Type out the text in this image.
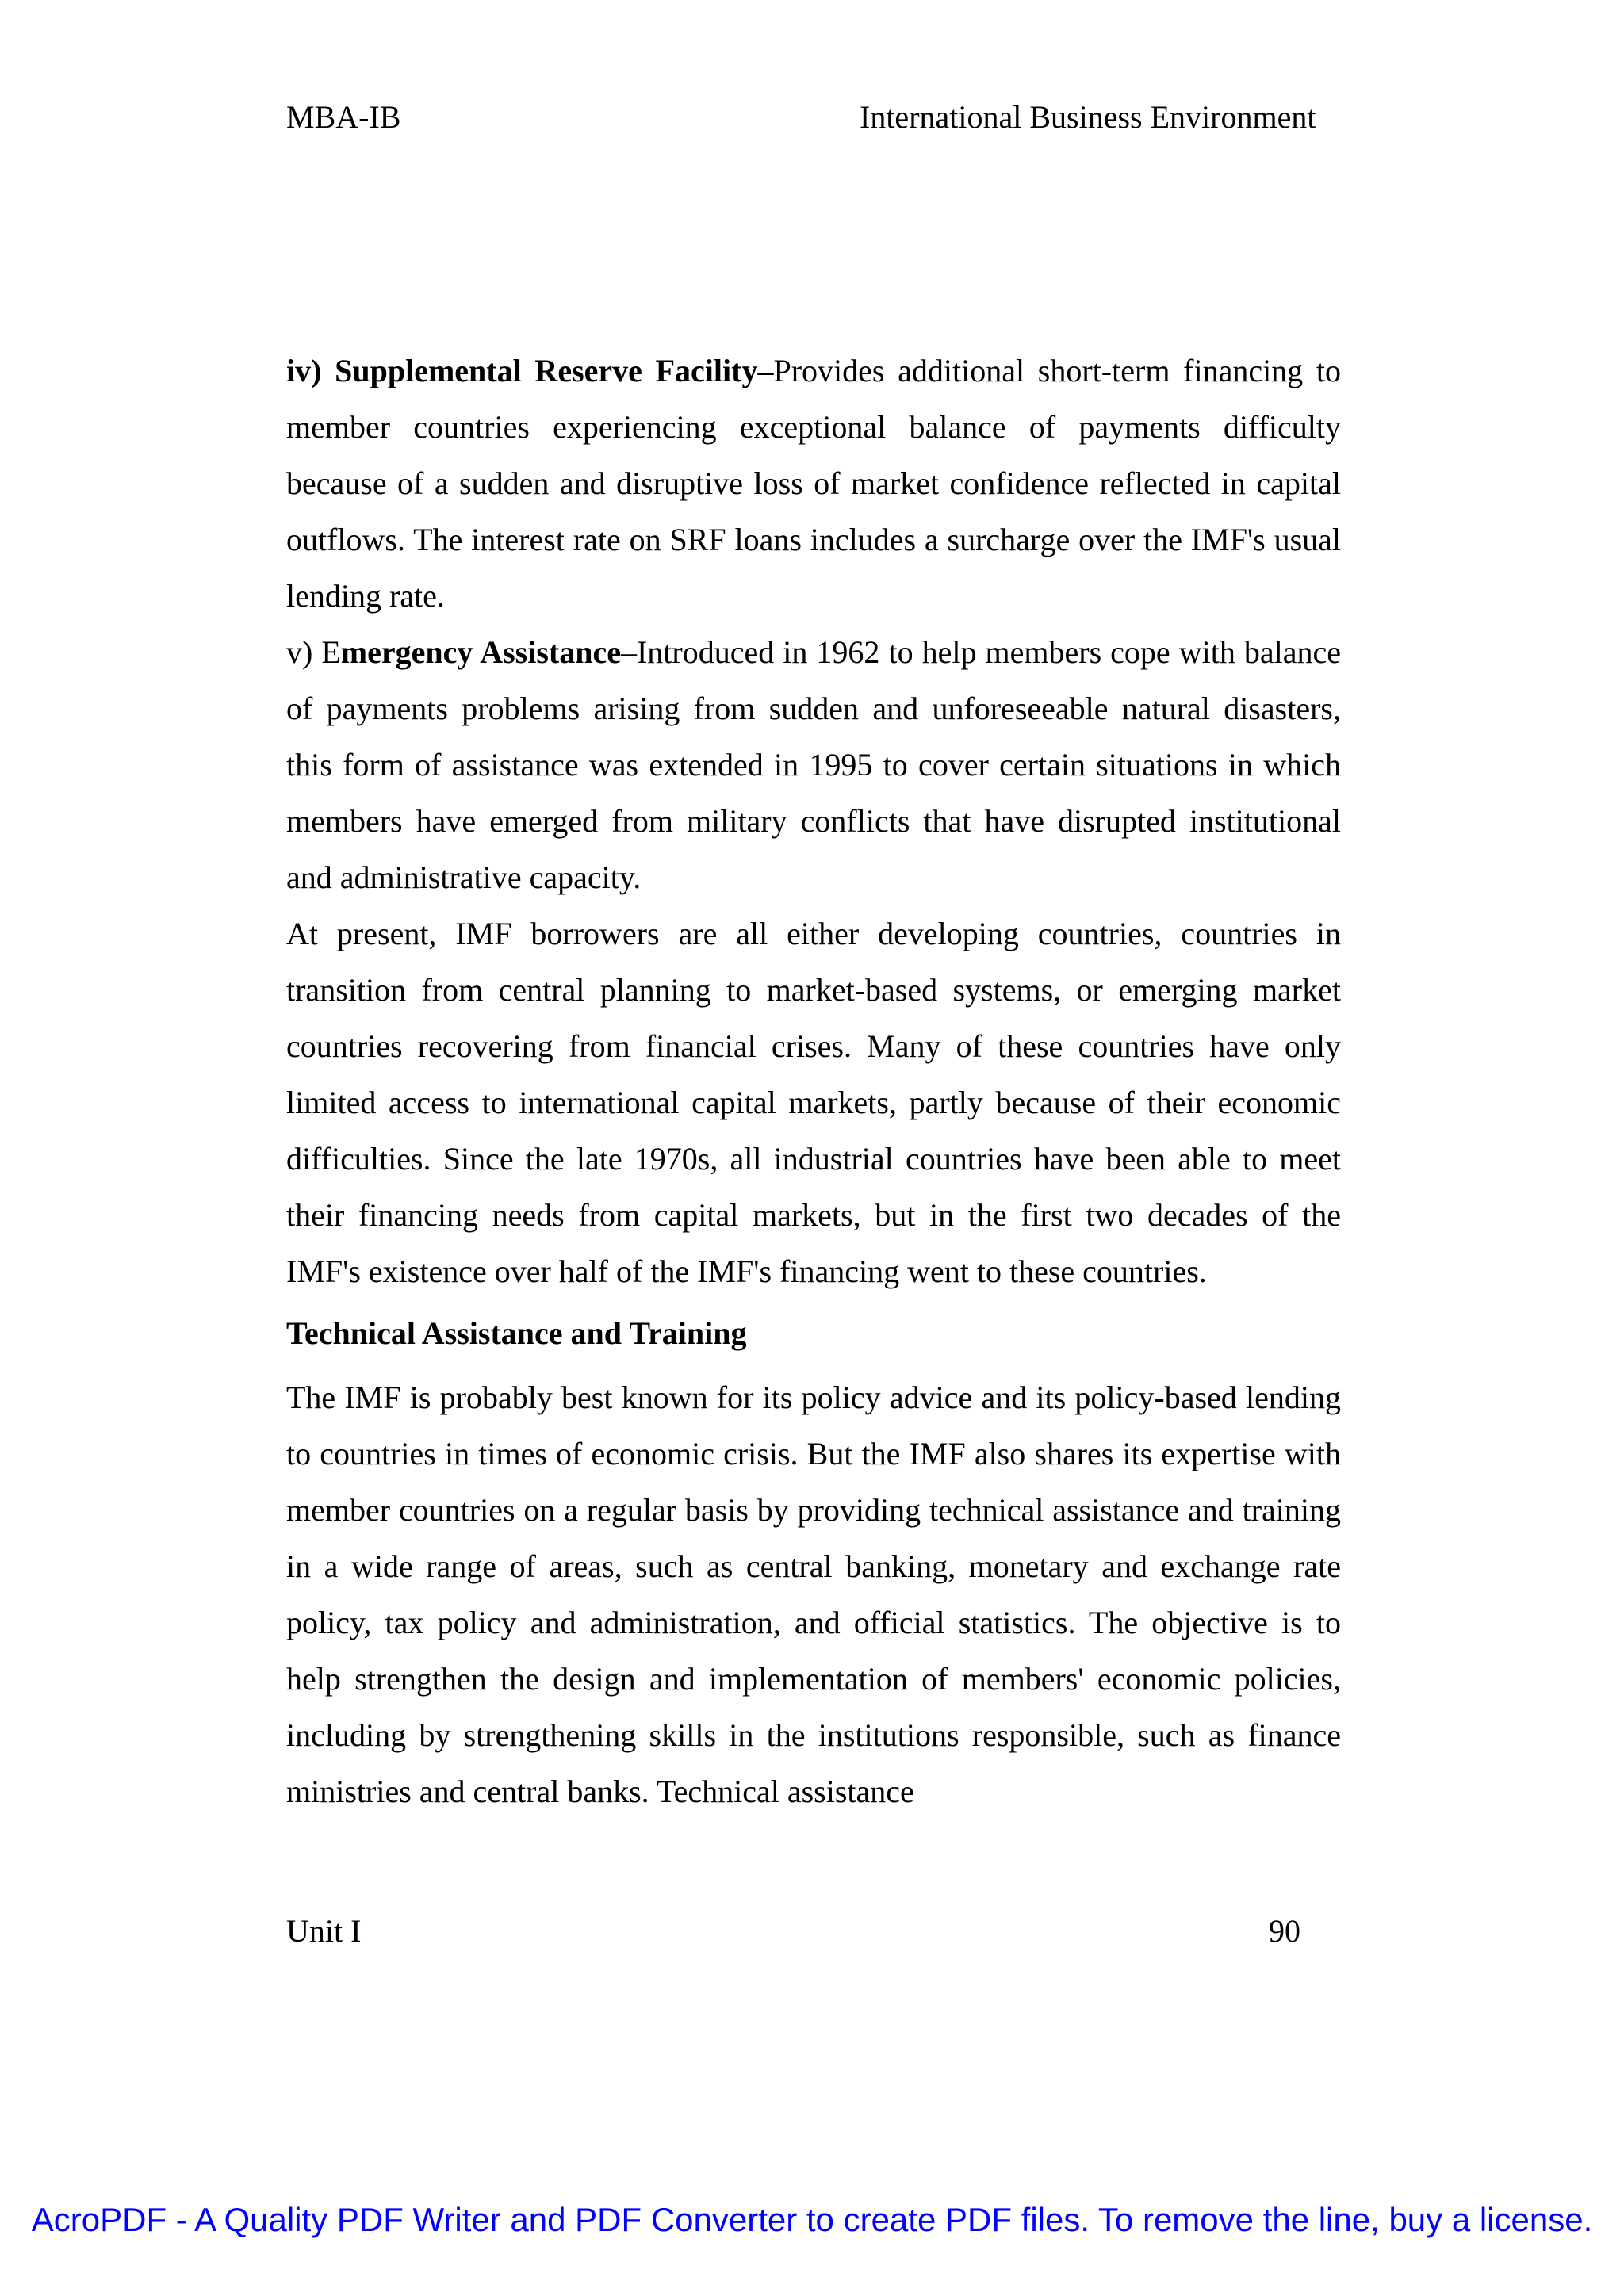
MBA-IB	International Business Environment

iv) Supplemental Reserve Facility–Provides additional short-term financing to member countries experiencing exceptional balance of payments difficulty because of a sudden and disruptive loss of market confidence reflected in capital outflows. The interest rate on SRF loans includes a surcharge over the IMF's usual lending rate.

v) Emergency Assistance–Introduced in 1962 to help members cope with balance of payments problems arising from sudden and unforeseeable natural disasters, this form of assistance was extended in 1995 to cover certain situations in which members have emerged from military conflicts that have disrupted institutional and administrative capacity.

At present, IMF borrowers are all either developing countries, countries in transition from central planning to market-based systems, or emerging market countries recovering from financial crises. Many of these countries have only limited access to international capital markets, partly because of their economic difficulties. Since the late 1970s, all industrial countries have been able to meet their financing needs from capital markets, but in the first two decades of the IMF's existence over half of the IMF's financing went to these countries.

Technical Assistance and Training

The IMF is probably best known for its policy advice and its policy-based lending to countries in times of economic crisis. But the IMF also shares its expertise with member countries on a regular basis by providing technical assistance and training in a wide range of areas, such as central banking, monetary and exchange rate policy, tax policy and administration, and official statistics. The objective is to help strengthen the design and implementation of members' economic policies, including by strengthening skills in the institutions responsible, such as finance ministries and central banks. Technical assistance

Unit I	90
AcroPDF - A Quality PDF Writer and PDF Converter to create PDF files. To remove the line, buy a license.
